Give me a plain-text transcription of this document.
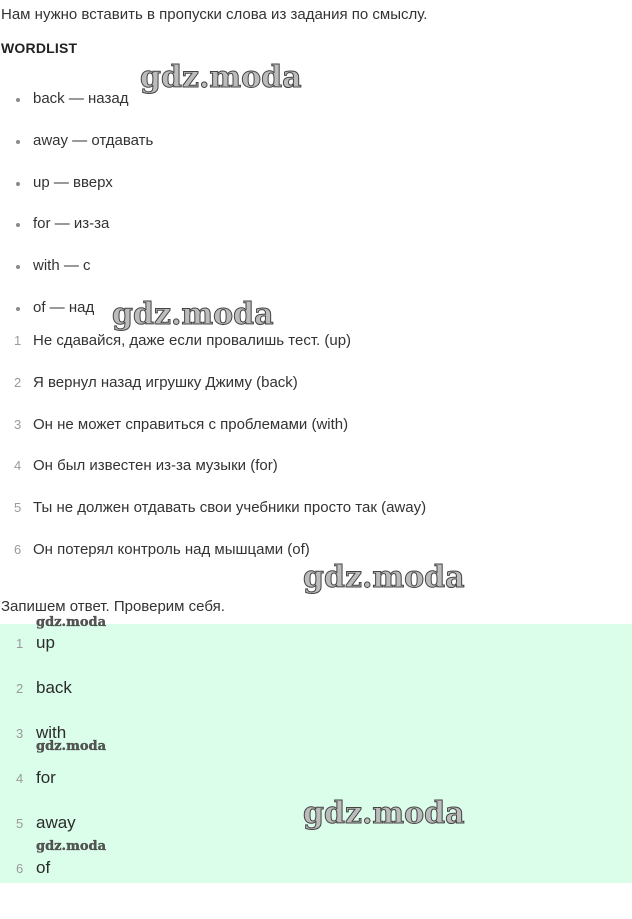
Нам нужно вставить в пропуски слова из задания по смыслу.
WORDLIST
back — назад
away — отдавать
up — вверх
for — из-за
with — с
of — над
1 Не сдавайся, даже если провалишь тест. (up)
2 Я вернул назад игрушку Джиму (back)
3 Он не может справиться с проблемами (with)
4 Он был известен из-за музыки (for)
5 Ты не должен отдавать свои учебники просто так (away)
6 Он потерял контроль над мышцами (of)
Запишем ответ. Проверим себя.
1 up
2 back
3 with
4 for
5 away
6 of
gdz.moda
gdz.moda
gdz.moda
gdz.moda
gdz.moda
gdz.moda
gdz.moda
